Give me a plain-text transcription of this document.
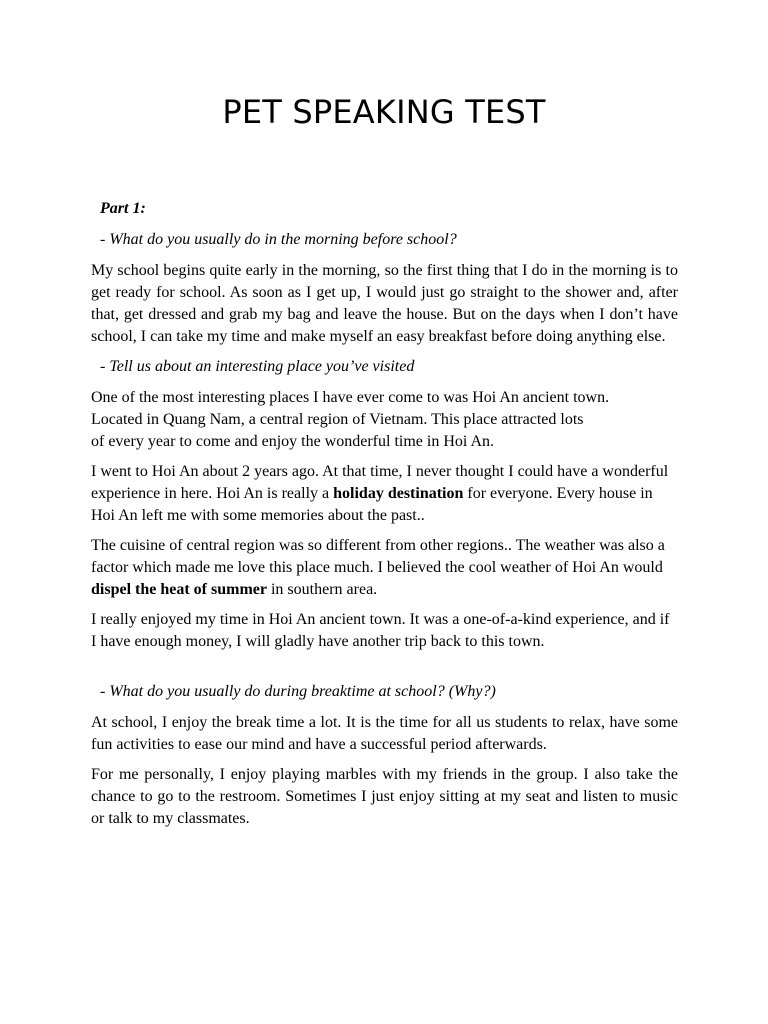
PET SPEAKING TEST

Part 1:

- What do you usually do in the morning before school?

My school begins quite early in the morning, so the first thing that I do in the morning is to get ready for school. As soon as I get up, I would just go straight to the shower and, after that, get dressed and grab my bag and leave the house. But on the days when I don’t have school, I can take my time and make myself an easy breakfast before doing anything else.

- Tell us about an interesting place you’ve visited

One of the most interesting places I have ever come to was Hoi An ancient town.
Located in Quang Nam, a central region of Vietnam. This place attracted lots
of every year to come and enjoy the wonderful time in Hoi An.

I went to Hoi An about 2 years ago. At that time, I never thought I could have a wonderful experience in here. Hoi An is really a holiday destination for everyone. Every house in Hoi An left me with some memories about the past..

The cuisine of central region was so different from other regions.. The weather was also a factor which made me love this place much. I believed the cool weather of Hoi An would dispel the heat of summer in southern area.

I really enjoyed my time in Hoi An ancient town. It was a one-of-a-kind experience, and if I have enough money, I will gladly have another trip back to this town.

- What do you usually do during breaktime at school? (Why?)

At school, I enjoy the break time a lot. It is the time for all us students to relax, have some fun activities to ease our mind and have a successful period afterwards.

For me personally, I enjoy playing marbles with my friends in the group. I also take the chance to go to the restroom. Sometimes I just enjoy sitting at my seat and listen to music or talk to my classmates.
